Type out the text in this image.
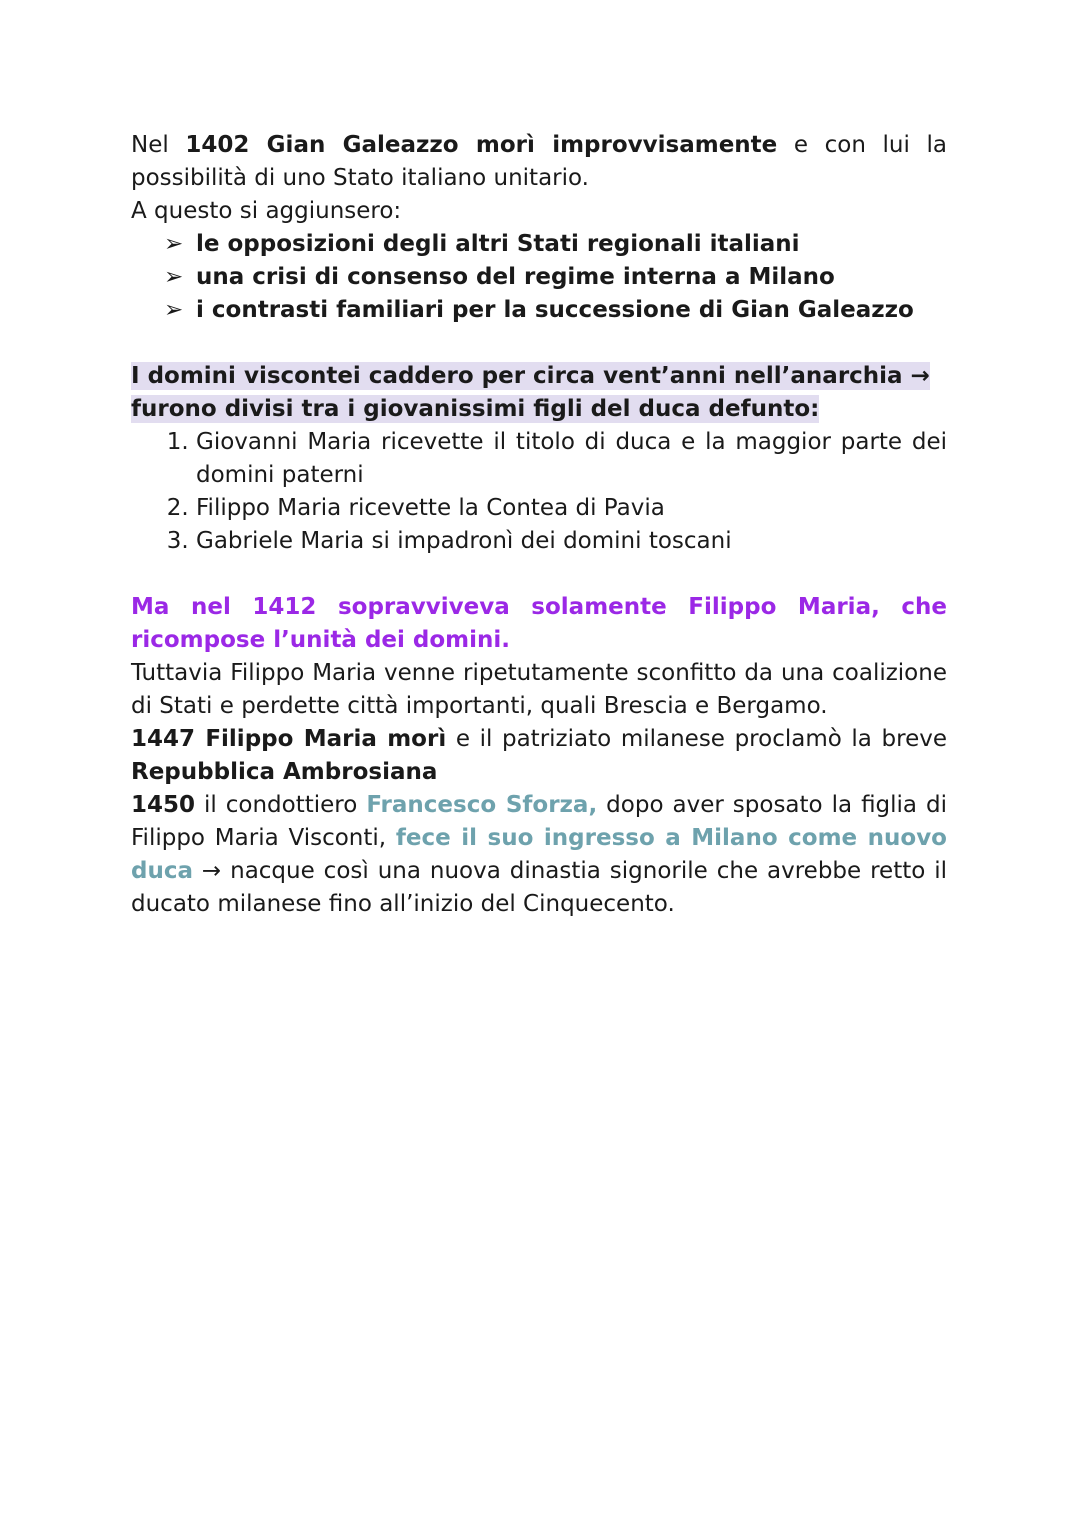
Nel 1402 Gian Galeazzo morì improvvisamente e con lui la possibilità di uno Stato italiano unitario.

A questo si aggiunsero:

➢ le opposizioni degli altri Stati regionali italiani
➢ una crisi di consenso del regime interna a Milano
➢ i contrasti familiari per la successione di Gian Galeazzo

I domini viscontei caddero per circa vent’anni nell’anarchia →
furono divisi tra i giovanissimi figli del duca defunto:

1. Giovanni Maria ricevette il titolo di duca e la maggior parte dei domini paterni
2. Filippo Maria ricevette la Contea di Pavia
3. Gabriele Maria si impadronì dei domini toscani

Ma nel 1412 sopravviveva solamente Filippo Maria, che ricompose l’unità dei domini.

Tuttavia Filippo Maria venne ripetutamente sconfitto da una coalizione di Stati e perdette città importanti, quali Brescia e Bergamo.

1447 Filippo Maria morì e il patriziato milanese proclamò la breve Repubblica Ambrosiana

1450 il condottiero Francesco Sforza, dopo aver sposato la figlia di Filippo Maria Visconti, fece il suo ingresso a Milano come nuovo duca → nacque così una nuova dinastia signorile che avrebbe retto il ducato milanese fino all’inizio del Cinquecento.
